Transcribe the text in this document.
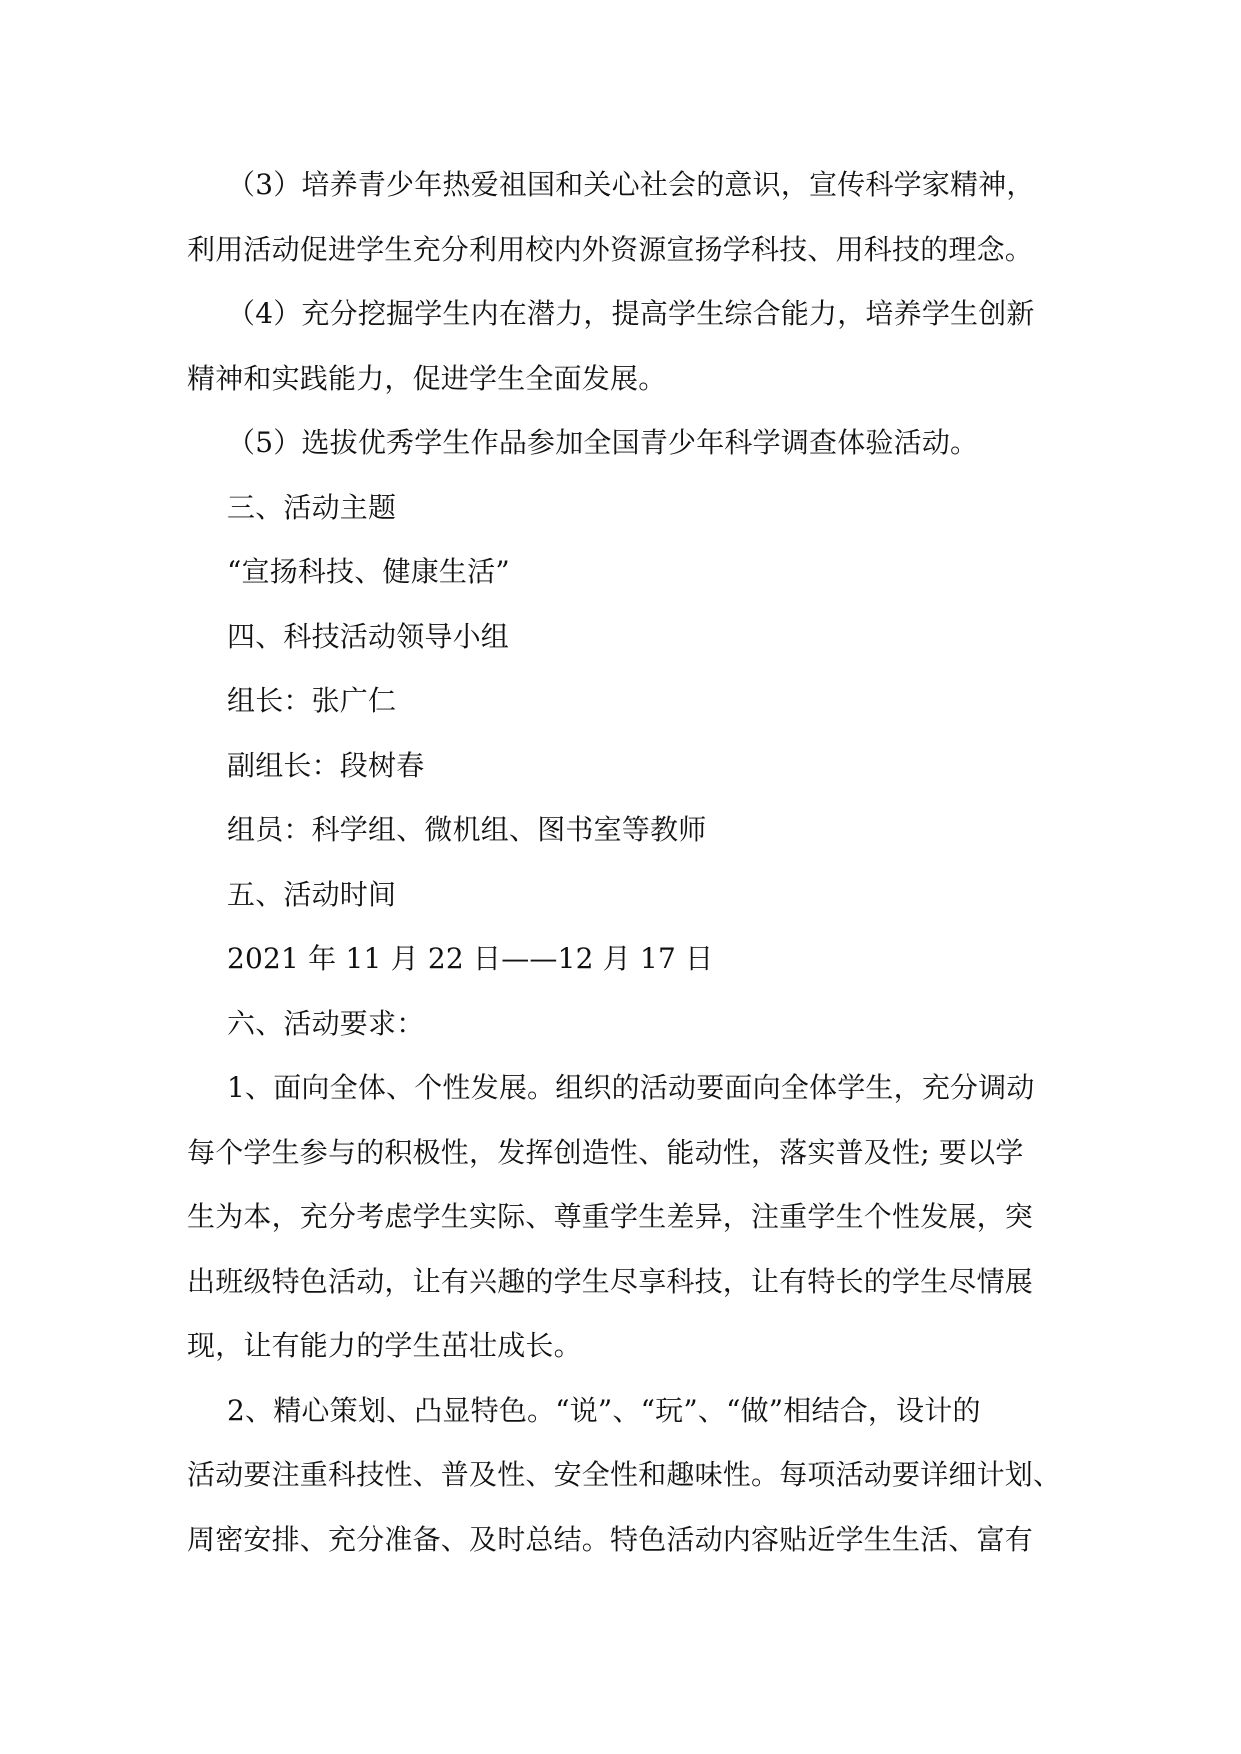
（3）培养青少年热爱祖国和关心社会的意识，宣传科学家精神，
利用活动促进学生充分利用校内外资源宣扬学科技、用科技的理念。

（4）充分挖掘学生内在潜力，提高学生综合能力，培养学生创新
精神和实践能力，促进学生全面发展。

（5）选拔优秀学生作品参加全国青少年科学调查体验活动。

三、活动主题

“宣扬科技、健康生活”

四、科技活动领导小组

组长：张广仁

副组长：段树春

组员：科学组、微机组、图书室等教师

五、活动时间

2021 年 11 月 22 日——12 月 17 日

六、活动要求：

1、面向全体、个性发展。组织的活动要面向全体学生，充分调动
每个学生参与的积极性，发挥创造性、能动性，落实普及性; 要以学
生为本，充分考虑学生实际、尊重学生差异，注重学生个性发展，突
出班级特色活动，让有兴趣的学生尽享科技，让有特长的学生尽情展
现，让有能力的学生茁壮成长。

2、精心策划、凸显特色。“说”、“玩”、“做”相结合，设计的
活动要注重科技性、普及性、安全性和趣味性。每项活动要详细计划、
周密安排、充分准备、及时总结。特色活动内容贴近学生生活、富有
